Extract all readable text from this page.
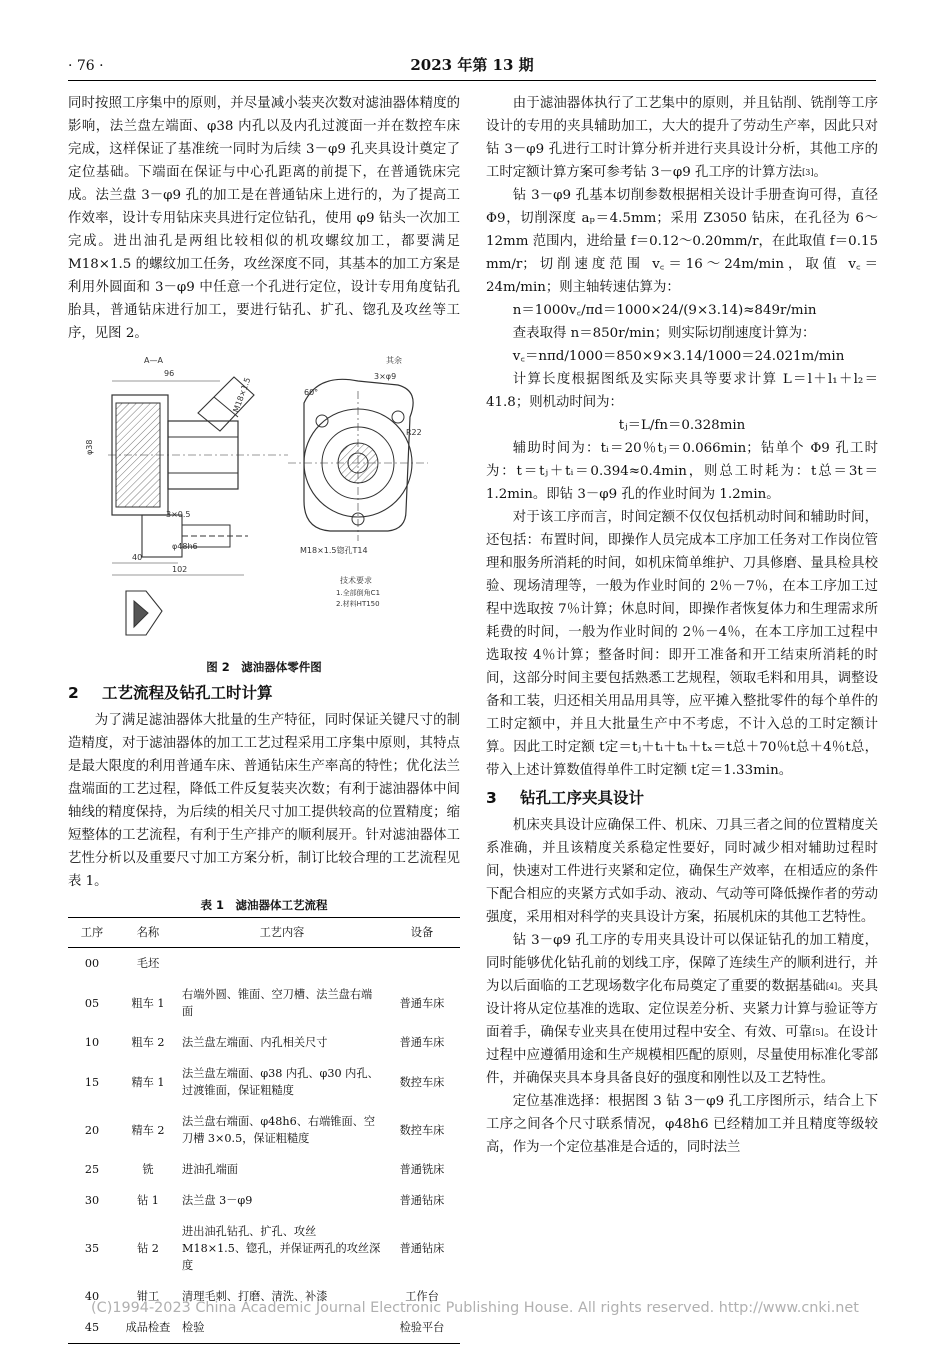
· 76 ·	2023 年第 13 期

同时按照工序集中的原则，并尽量减小装夹次数对滤油器体精度的影响，法兰盘左端面、φ38 内孔以及内孔过渡面一并在数控车床完成，这样保证了基准统一同时为后续 3－φ9 孔夹具设计奠定了定位基础。下端面在保证与中心孔距离的前提下，在普通铣床完成。法兰盘 3－φ9 孔的加工是在普通钻床上进行的，为了提高工作效率，设计专用钻床夹具进行定位钻孔，使用 φ9 钻头一次加工完成。进出油孔是两组比较相似的机攻螺纹加工，都要满足 M18×1.5 的螺纹加工任务，攻丝深度不同，其基本的加工方案是利用外圆面和 3－φ9 中任意一个孔进行定位，设计专用角度钻孔胎具，普通钻床进行加工，要进行钻孔、扩孔、锪孔及攻丝等工序，见图 2。

96
A—A
φ38
M18×1.5
3×0.5
φ48h6
40
102
60°
3×φ9
R22
M18×1.5锪孔T14
其余
技术要求
1.全部倒角C1
2.材料HT150
图 2　滤油器体零件图
2 工艺流程及钻孔工时计算

为了满足滤油器体大批量的生产特征，同时保证关键尺寸的制造精度，对于滤油器体的加工工艺过程采用工序集中原则，其特点是最大限度的利用普通车床、普通钻床生产率高的特性；优化法兰盘端面的工艺过程，降低工件反复装夹次数；有利于滤油器体中间轴线的精度保持，为后续的相关尺寸加工提供较高的位置精度；缩短整体的工艺流程，有利于生产排产的顺利展开。针对滤油器体工艺性分析以及重要尺寸加工方案分析，制订比较合理的工艺流程见表 1。

表 1　滤油器体工艺流程
工序	名称	工艺内容	设备
00	毛坯		
05	粗车 1	右端外圆、锥面、空刀槽、法兰盘右端面	普通车床
10	粗车 2	法兰盘左端面、内孔相关尺寸	普通车床
15	精车 1	法兰盘左端面、φ38 内孔、φ30 内孔、过渡锥面，保证粗糙度	数控车床
20	精车 2	法兰盘右端面、φ48h6、右端锥面、空刀槽 3×0.5，保证粗糙度	数控车床
25	铣	进油孔端面	普通铣床
30	钻 1	法兰盘 3－φ9	普通钻床
35	钻 2	进出油孔钻孔、扩孔、攻丝 M18×1.5、锪孔，并保证两孔的攻丝深度	普通钻床
40	钳工	清理毛刺、打磨、清洗、补漆	工作台
45	成品检查	检验	检验平台

由于滤油器体执行了工艺集中的原则，并且钻削、铣削等工序设计的专用的夹具辅助加工，大大的提升了劳动生产率，因此只对钻 3－φ9 孔进行工时计算分析并进行夹具设计分析，其他工序的工时定额计算方案可参考钻 3－φ9 孔工序的计算方法[3]。

钻 3－φ9 孔基本切削参数根据相关设计手册查询可得，直径 Φ9，切削深度 aₚ＝4.5mm；采用 Z3050 钻床，在孔径为 6～12mm 范围内，进给量 f＝0.12～0.20mm/r，在此取值 f＝0.15 mm/r；切削速度范围 v꜀＝16～24m/min，取值 v꜀＝24m/min；则主轴转速估算为：

n＝1000v꜀/πd＝1000×24/(9×3.14)≈849r/min

查表取得 n＝850r/min；则实际切削速度计算为：

v꜀＝nπd/1000＝850×9×3.14/1000＝24.021m/min

计算长度根据图纸及实际夹具等要求计算 L＝l＋l₁＋l₂＝41.8；则机动时间为：

tⱼ＝L/fn＝0.328min

辅助时间为：tᵢ＝20％tⱼ＝0.066min；钻单个 Φ9 孔工时为：t＝tⱼ＋tᵢ＝0.394≈0.4min，则总工时耗为：t总＝3t＝1.2min。即钻 3－φ9 孔的作业时间为 1.2min。

对于该工序而言，时间定额不仅仅包括机动时间和辅助时间，还包括：布置时间，即操作人员完成本工序加工任务对工作岗位管理和服务所消耗的时间，如机床简单维护、刀具修磨、量具检具校验、现场清理等，一般为作业时间的 2％－7％，在本工序加工过程中选取按 7％计算；休息时间，即操作者恢复体力和生理需求所耗费的时间，一般为作业时间的 2％－4％，在本工序加工过程中选取按 4％计算；整备时间：即开工准备和开工结束所消耗的时间，这部分时间主要包括熟悉工艺规程，领取毛料和用具，调整设备和工装，归还相关用品用具等，应平摊入整批零件的每个单件的工时定额中，并且大批量生产中不考虑，不计入总的工时定额计算。因此工时定额 t定＝tⱼ＋tᵢ＋tₕ＋tₓ＝t总＋70％t总＋4％t总，带入上述计算数值得单件工时定额 t定＝1.33min。

3 钻孔工序夹具设计

机床夹具设计应确保工件、机床、刀具三者之间的位置精度关系准确，并且该精度关系稳定性要好，同时减少相对辅助过程时间，快速对工件进行夹紧和定位，确保生产效率，在相适应的条件下配合相应的夹紧方式如手动、液动、气动等可降低操作者的劳动强度，采用相对科学的夹具设计方案，拓展机床的其他工艺特性。

钻 3－φ9 孔工序的专用夹具设计可以保证钻孔的加工精度，同时能够优化钻孔前的划线工序，保障了连续生产的顺利进行，并为以后面临的工艺现场数字化布局奠定了重要的数据基础[4]。夹具设计将从定位基准的选取、定位误差分析、夹紧力计算与验证等方面着手，确保专业夹具在使用过程中安全、有效、可靠[5]。在设计过程中应遵循用途和生产规模相匹配的原则，尽量使用标准化零部件，并确保夹具本身具备良好的强度和刚性以及工艺特性。

定位基准选择：根据图 3 钻 3－φ9 孔工序图所示，结合上下工序之间各个尺寸联系情况，φ48h6 已经精加工并且精度等级较高，作为一个定位基准是合适的，同时法兰

(C)1994-2023 China Academic Journal Electronic Publishing House. All rights reserved. http://www.cnki.net
